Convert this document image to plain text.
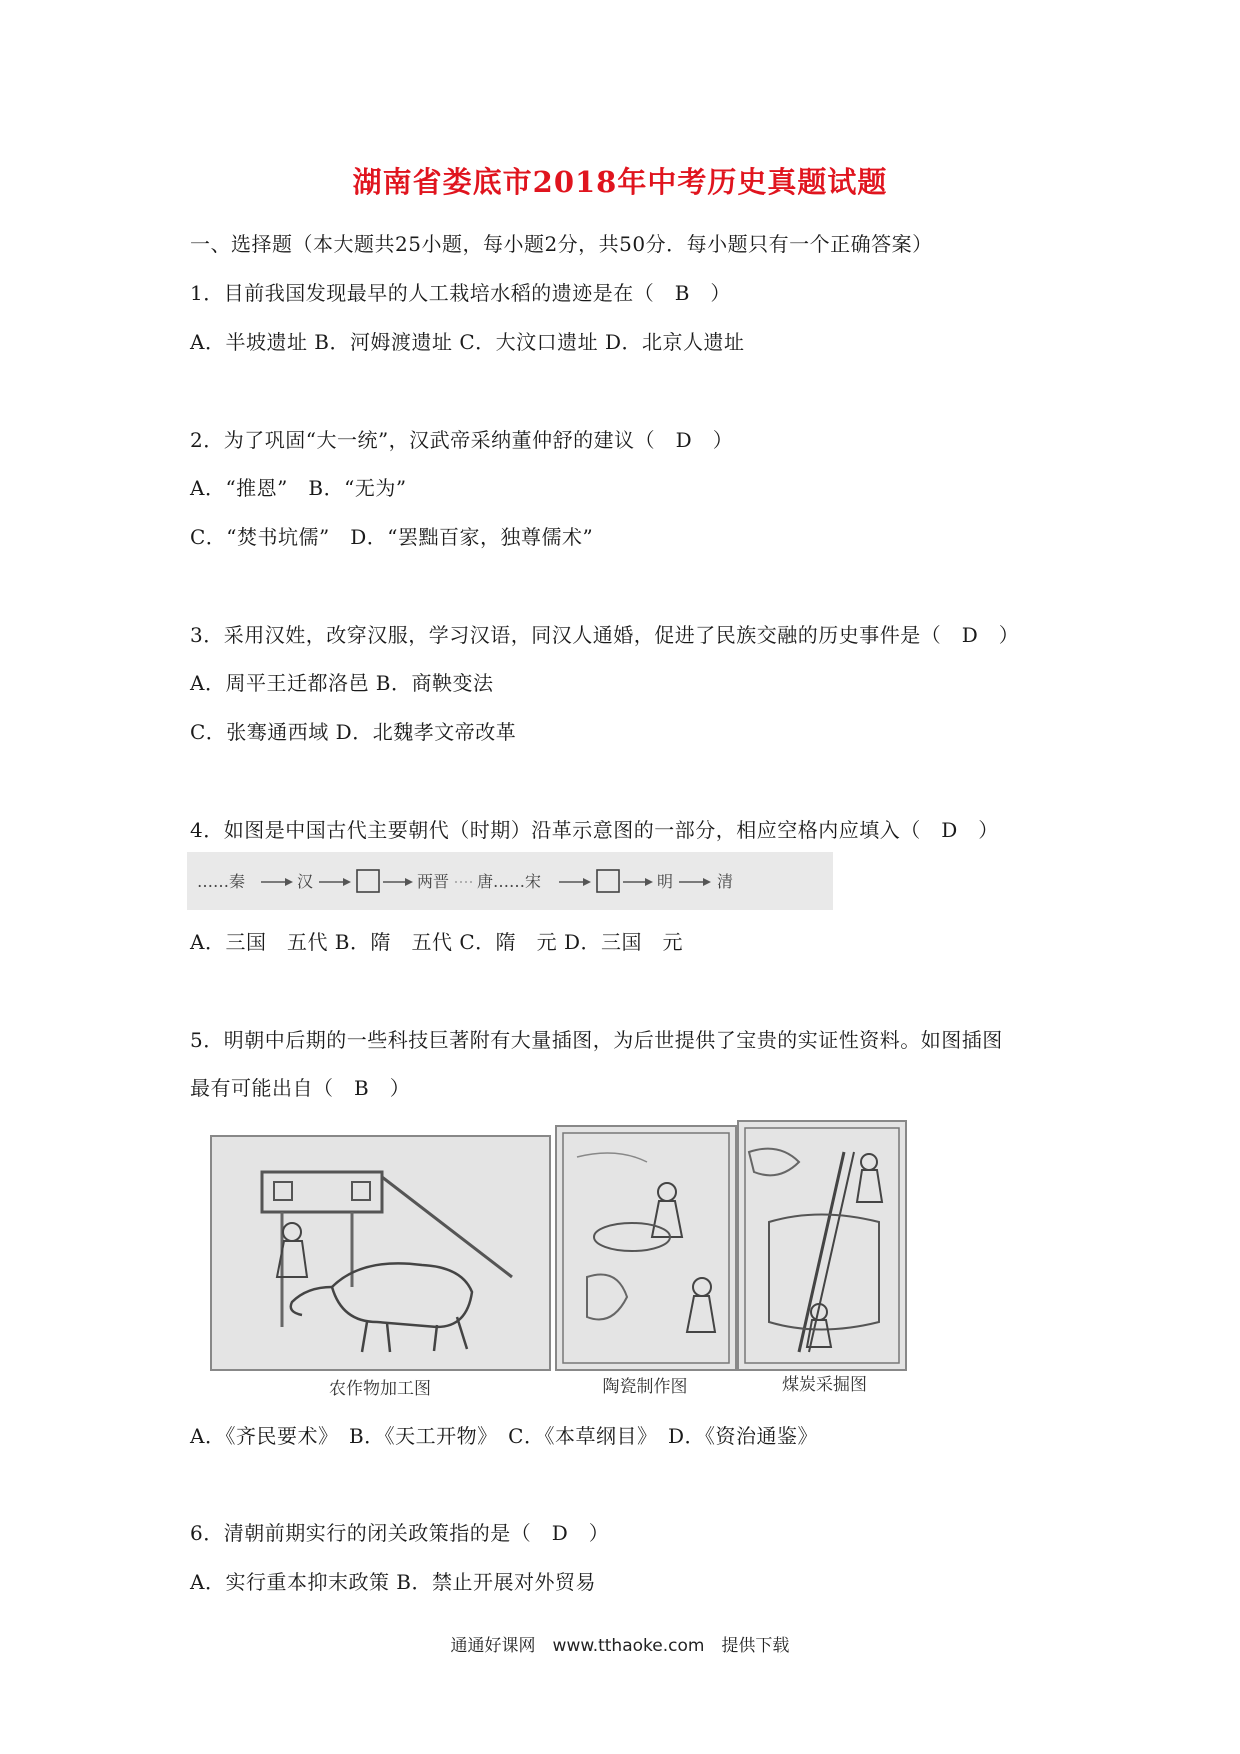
湖南省娄底市2018年中考历史真题试题
一、选择题（本大题共25小题，每小题2分，共50分．每小题只有一个正确答案）
1．目前我国发现最早的人工栽培水稻的遗迹是在（　B　）
A．半坡遗址 B．河姆渡遗址 C．大汶口遗址 D．北京人遗址
2．为了巩固“大一统”，汉武帝采纳董仲舒的建议（　D　）
A．“推恩”　B．“无为”
C．“焚书坑儒”　D．“罢黜百家，独尊儒术”
3．采用汉姓，改穿汉服，学习汉语，同汉人通婚，促进了民族交融的历史事件是（　D　）
A．周平王迁都洛邑 B．商鞅变法
C．张骞通西域 D．北魏孝文帝改革
4．如图是中国古代主要朝代（时期）沿革示意图的一部分，相应空格内应填入（　D　）
……秦	汉	两晋 唐……宋	明	清
A．三国　五代 B．隋　五代 C．隋　元 D．三国　元
5．明朝中后期的一些科技巨著附有大量插图，为后世提供了宝贵的实证性资料。如图插图
最有可能出自（　B　）
农作物加工图	陶瓷制作图	煤炭采掘图
A．《齐民要术》　B．《天工开物》　C．《本草纲目》　D．《资治通鉴》
6．清朝前期实行的闭关政策指的是（　D　）
A．实行重本抑末政策 B．禁止开展对外贸易
通通好课网　www.tthaoke.com　提供下载
